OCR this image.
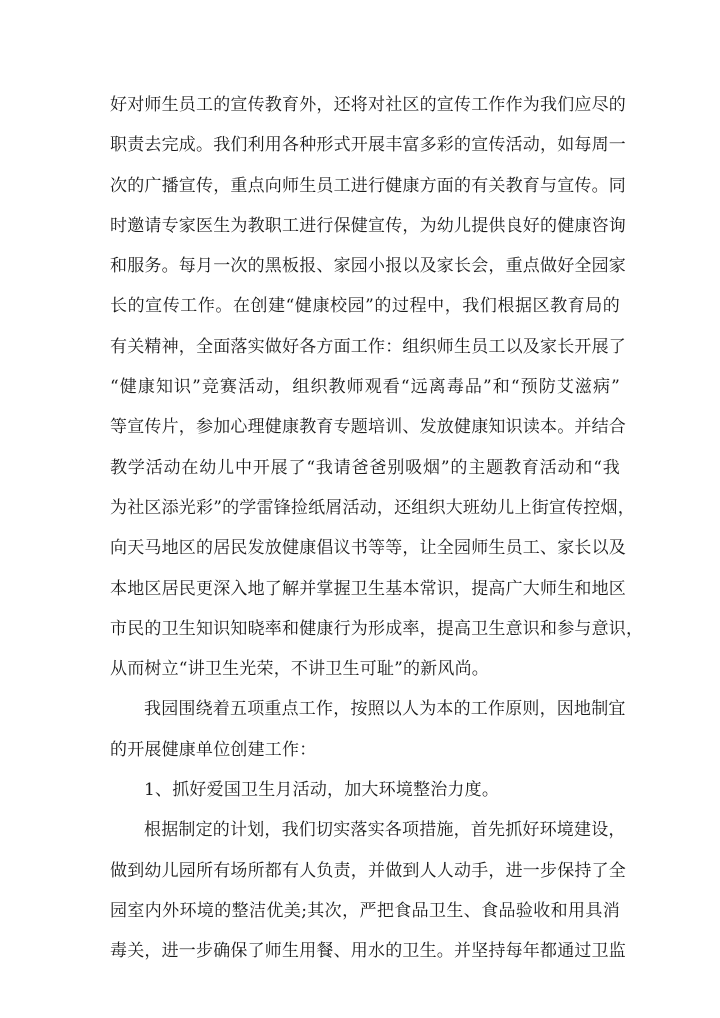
好对师生员工的宣传教育外，还将对社区的宣传工作作为我们应尽的
职责去完成。我们利用各种形式开展丰富多彩的宣传活动，如每周一
次的广播宣传，重点向师生员工进行健康方面的有关教育与宣传。同
时邀请专家医生为教职工进行保健宣传，为幼儿提供良好的健康咨询
和服务。每月一次的黑板报、家园小报以及家长会，重点做好全园家
长的宣传工作。在创建“健康校园”的过程中，我们根据区教育局的
有关精神，全面落实做好各方面工作：组织师生员工以及家长开展了
“健康知识”竞赛活动，组织教师观看“远离毒品”和“预防艾滋病”
等宣传片，参加心理健康教育专题培训、发放健康知识读本。并结合
教学活动在幼儿中开展了“我请爸爸别吸烟”的主题教育活动和“我
为社区添光彩”的学雷锋捡纸屑活动，还组织大班幼儿上街宣传控烟，
向天马地区的居民发放健康倡议书等等，让全园师生员工、家长以及
本地区居民更深入地了解并掌握卫生基本常识，提高广大师生和地区
市民的卫生知识知晓率和健康行为形成率，提高卫生意识和参与意识，
从而树立“讲卫生光荣，不讲卫生可耻”的新风尚。
我园围绕着五项重点工作，按照以人为本的工作原则，因地制宜
的开展健康单位创建工作：
1、抓好爱国卫生月活动，加大环境整治力度。
根据制定的计划，我们切实落实各项措施，首先抓好环境建设，
做到幼儿园所有场所都有人负责，并做到人人动手，进一步保持了全
园室内外环境的整洁优美;其次，严把食品卫生、食品验收和用具消
毒关，进一步确保了师生用餐、用水的卫生。并坚持每年都通过卫监
